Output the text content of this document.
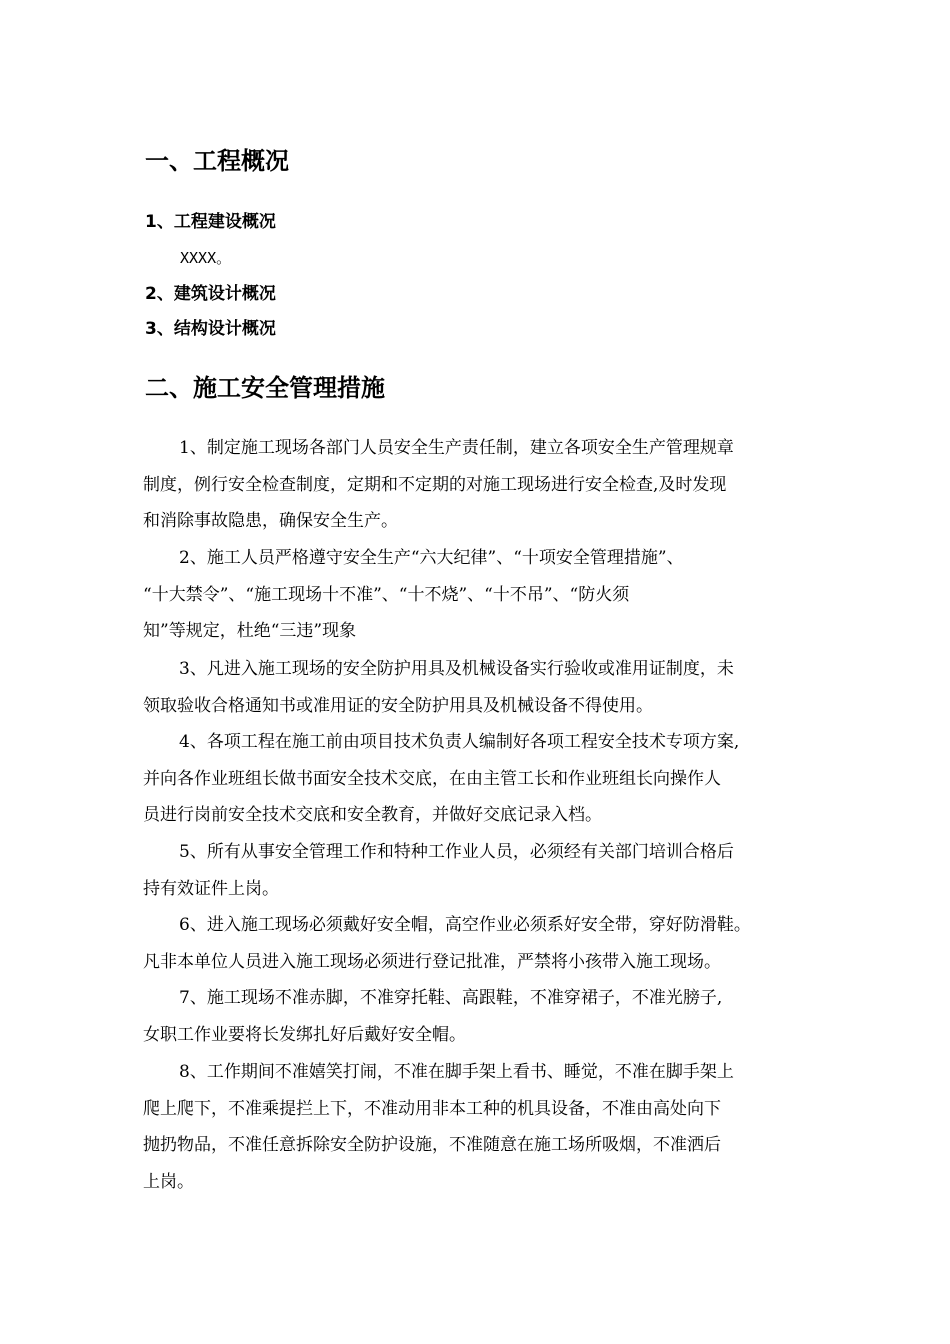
一、工程概况
1、工程建设概况

XXXX。

2、建筑设计概况
3、结构设计概况
二、施工安全管理措施
1、制定施工现场各部门人员安全生产责任制，建立各项安全生产管理规章
制度，例行安全检查制度，定期和不定期的对施工现场进行安全检查,及时发现
和消除事故隐患，确保安全生产。
2、施工人员严格遵守安全生产“六大纪律”、“十项安全管理措施”、
“十大禁令”、“施工现场十不准”、“十不烧”、“十不吊”、“防火须
知”等规定，杜绝“三违”现象
3、凡进入施工现场的安全防护用具及机械设备实行验收或准用证制度，未
领取验收合格通知书或准用证的安全防护用具及机械设备不得使用。
4、各项工程在施工前由项目技术负责人编制好各项工程安全技术专项方案,
并向各作业班组长做书面安全技术交底，在由主管工长和作业班组长向操作人
员进行岗前安全技术交底和安全教育，并做好交底记录入档。
5、所有从事安全管理工作和特种工作业人员，必须经有关部门培训合格后
持有效证件上岗。
6、进入施工现场必须戴好安全帽，高空作业必须系好安全带，穿好防滑鞋。
凡非本单位人员进入施工现场必须进行登记批准，严禁将小孩带入施工现场。
7、施工现场不准赤脚，不准穿托鞋、高跟鞋，不准穿裙子，不准光膀子,
女职工作业要将长发绑扎好后戴好安全帽。
8、工作期间不准嬉笑打闹，不准在脚手架上看书、睡觉，不准在脚手架上
爬上爬下，不准乘提拦上下，不准动用非本工种的机具设备，不准由高处向下
抛扔物品，不准任意拆除安全防护设施，不准随意在施工场所吸烟，不准洒后
上岗。
